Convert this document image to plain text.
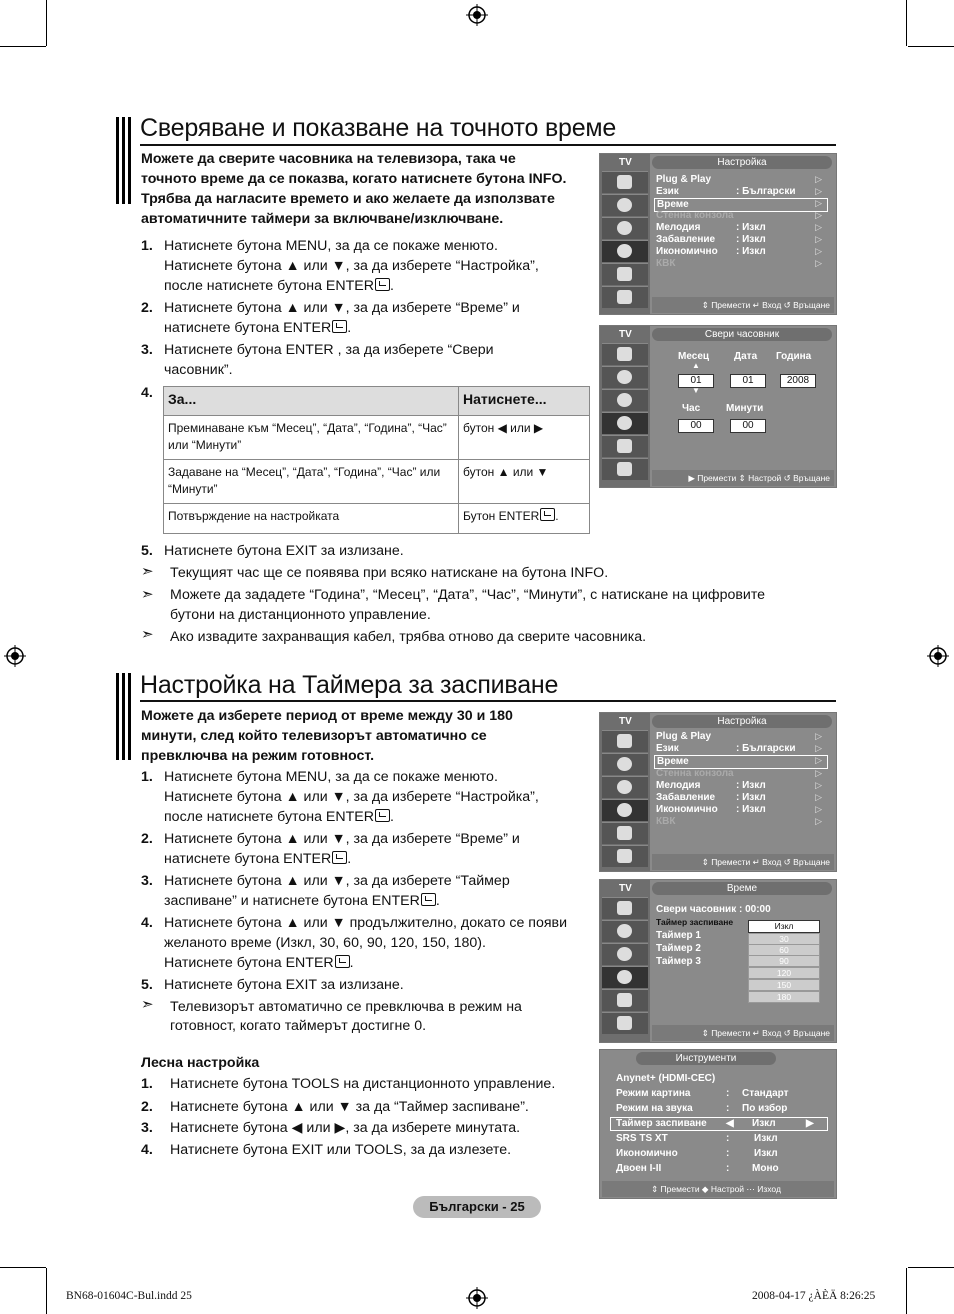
Сверяване и показване на точното време
Можете да сверите часовника на телевизора, така че
точното време да се показва, когато натиснете бутона INFO.
Трябва да нагласите времето и ако желаете да използвате
автоматичните таймери за включване/изключване.
1. Натиснете бутона MENU, за да се покаже менюто.
Натиснете бутона ▲ или ▼, за да изберете “Настройка”,
после натиснете бутона ENTER .
2. Натиснете бутона ▲ или ▼, за да изберете “Време” и
натиснете бутона ENTER .
3. Натиснете бутона ENTER , за да изберете “Свери
часовник”.
4. За...	Натиснете...
Преминаване към “Месец”, “Дата”, “Година”, “Час” или “Минути”	бутон ◀ или ▶
Задаване на “Месец”, “Дата”, “Година”, “Час” или “Минути”	бутон ▲ или ▼
Потвърждение на настройката	Бутон ENTER .
5. Натиснете бутона EXIT за излизане.
➣ Текущият час ще се появява при всяко натискане на бутона INFO.
➣ Можете да зададете “Година”, “Месец”, “Дата”, “Час”, “Минути”, с натискане на цифровите
бутони на дистанционното управление.
➣ Ако извадите захранващия кабел, трябва отново да сверите часовника.
Настройка на Таймера за заспиване
Можете да изберете период от време между 30 и 180
минути, след който телевизорът автоматично се
превключва на режим готовност.
1. Натиснете бутона MENU, за да се покаже менюто.
Натиснете бутона ▲ или ▼, за да изберете “Настройка”,
после натиснете бутона ENTER .
2. Натиснете бутона ▲ или ▼, за да изберете “Време” и
натиснете бутона ENTER .
3. Натиснете бутона ▲ или ▼, за да изберете “Таймер
заспиване” и натиснете бутона ENTER .
4. Натиснете бутона ▲ или ▼ продължително, докато се появи
желаното време (Изкл, 30, 60, 90, 120, 150, 180).
Натиснете бутона ENTER .
5. Натиснете бутона EXIT за излизане.
➣ Телевизорът автоматично се превключва в режим на
готовност, когато таймерът достигне 0.
Лесна настройка
1. Натиснете бутона TOOLS на дистанционното управление.
2. Натиснете бутона ▲ или ▼ за да “Таймер заспиване”.
3. Натиснете бутона ◀ или ▶, за да изберете минутата.
4. Натиснете бутона EXIT или TOOLS, за да излезете.
TV	Настройка
Plug & Play
Език	: Български
Време
Стенна конзола
Мелодия	: Изкл
Забавление : Изкл
Икономично : Изкл
КВК
▷
▷
▷
▷
▷
▷
▷
▷
⇕ Премести ↵ Вход ↺ Връщане
TV	Свери часовник
Месец Дата Година
▲
01	01	2008
▼
Час	Минути
00	00
▶ Премести ⇕ Настрой ↺ Връщане
TV	Настройка
Plug & Play
Език	: Български
Време
Стенна конзола
Мелодия	: Изкл
Забавление : Изкл
Икономично : Изкл
КВК
▷
▷
▷
▷
▷
▷
▷
▷
⇕ Премести ↵ Вход ↺ Връщане
TV	Време
Свери часовник : 00:00
Таймер заспиване
Таймер 1
Таймер 2
Таймер 3
Изкл
30
60
90
120
150
180
⇕ Премести ↵ Вход ↺ Връщане
Инструменти
Anynet+ (HDMI-CEC)
Режим картина	: Стандарт
Режим на звука	: По избор
Таймер заспиване ◀ Изкл	▶
SRS TS XT	: Изкл
Икономично	: Изкл
Двоен I-II	: Моно
⇕ Премести ◆ Настрой ⋯ Изход
Български - 25
BN68-01604C-Bul.indd 25	2008-04-17 ¿ÀÈÄ 8:26:25
